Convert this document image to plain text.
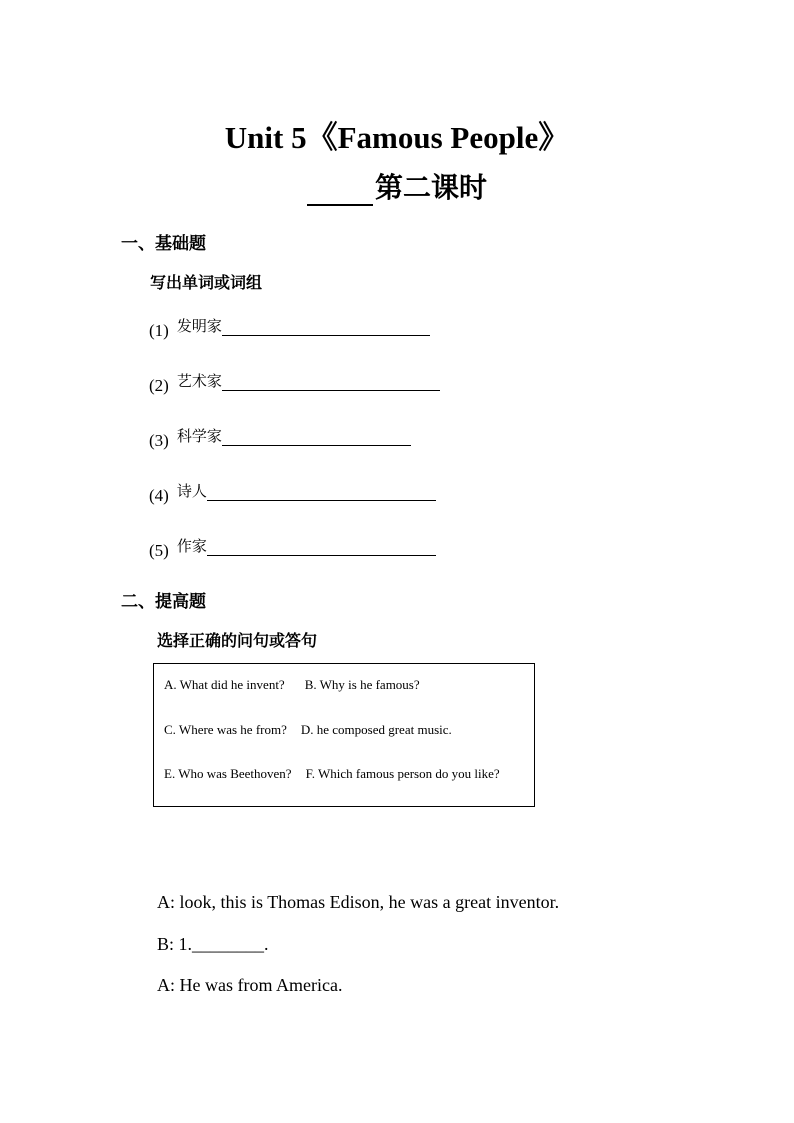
Unit 5《Famous People》
第二课时
一、基础题
写出单词或词组
(1) 发明家
(2) 艺术家
(3) 科学家
(4) 诗人
(5) 作家
二、提高题
选择正确的问句或答句
A. What did he invent? B. Why is he famous?
C. Where was he from? D. he composed great music.
E. Who was Beethoven? F. Which famous person do you like?
A: look, this is Thomas Edison, he was a great inventor.
B: 1.________.
A: He was from America.
